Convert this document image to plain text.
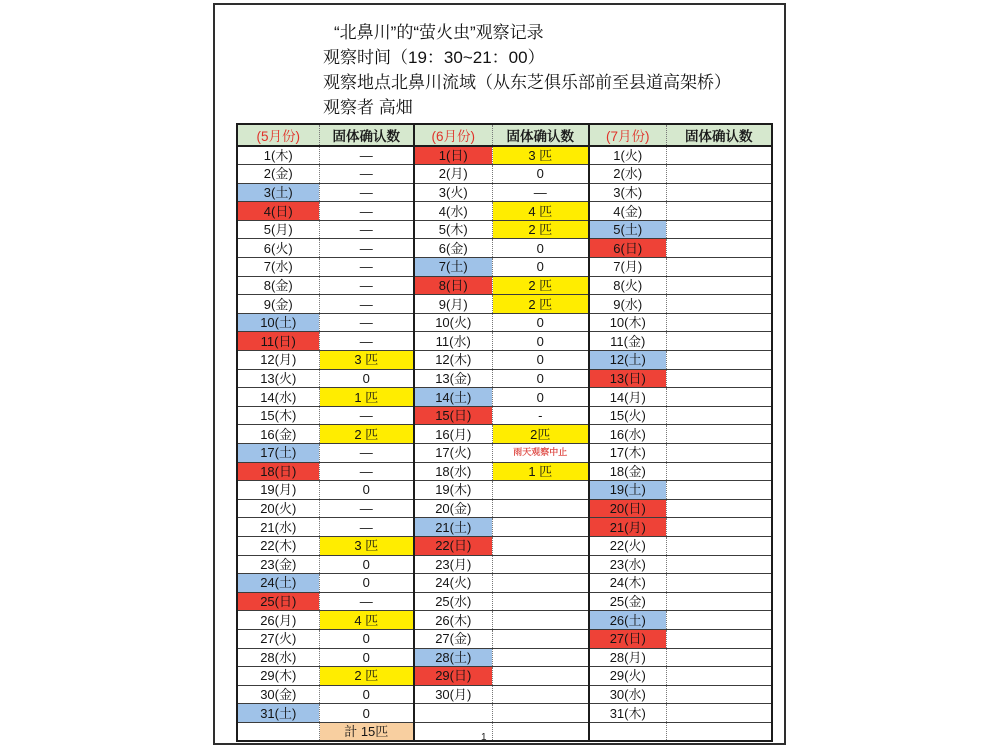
“北鼻川”的“萤火虫”观察记录
观察时间（19：30~21：00）
观察地点北鼻川流域（从东芝俱乐部前至县道高架桥）
观察者 高畑
(5月份)	固体确认数	(6月份)	固体确认数	(7月份)	固体确认数
1(木)	—	1(日)	3 匹	1(火)	
2(金)	—	2(月)	0	2(水)	
3(土)	—	3(火)	—	3(木)	
4(日)	—	4(水)	4 匹	4(金)	
5(月)	—	5(木)	2 匹	5(土)	
6(火)	—	6(金)	0	6(日)	
7(水)	—	7(土)	0	7(月)	
8(金)	—	8(日)	2 匹	8(火)	
9(金)	—	9(月)	2 匹	9(水)	
10(土)	—	10(火)	0	10(木)	
11(日)	—	11(水)	0	11(金)	
12(月)	3 匹	12(木)	0	12(土)	
13(火)	0	13(金)	0	13(日)	
14(水)	1 匹	14(土)	0	14(月)	
15(木)	—	15(日)	-	15(火)	
16(金)	2 匹	16(月)	2匹	16(水)	
17(土)	—	17(火)	雨天观察中止	17(木)	
18(日)	—	18(水)	1 匹	18(金)	
19(月)	0	19(木)		19(土)	
20(火)	—	20(金)		20(日)	
21(水)	—	21(土)		21(月)	
22(木)	3 匹	22(日)		22(火)	
23(金)	0	23(月)		23(水)	
24(土)	0	24(火)		24(木)	
25(日)	—	25(水)		25(金)	
26(月)	4 匹	26(木)		26(土)	
27(火)	0	27(金)		27(日)	
28(水)	0	28(土)		28(月)	
29(木)	2 匹	29(日)		29(火)	
30(金)	0	30(月)		30(水)	
31(土)	0			31(木)	
	計 15匹					1
